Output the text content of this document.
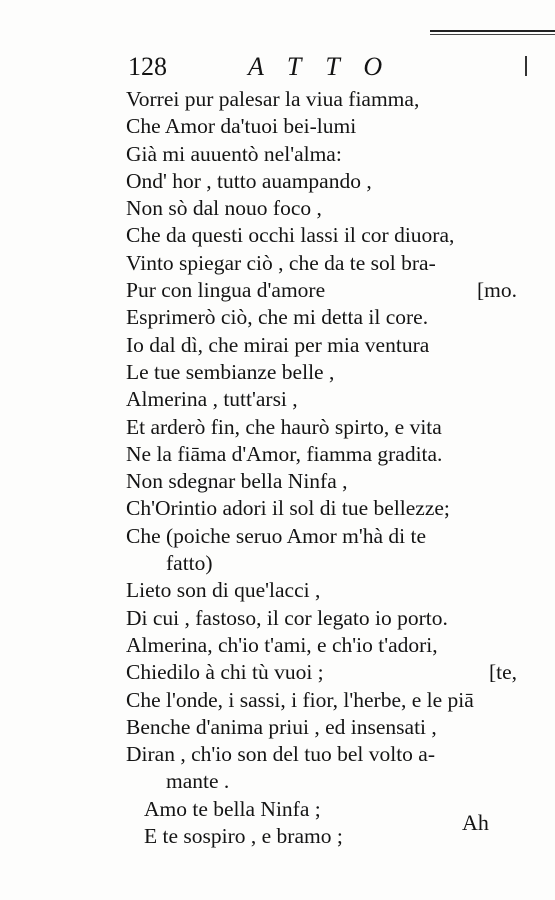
128	ATTO
Vorrei pur palesar la viua fiamma,
Che Amor da'tuoi bei-lumi
Già mi auuentò nel'alma:
Ond' hor , tutto auampando ,
Non sò dal nouo foco ,
Che da questi occhi lassi il cor diuora,
Vinto spiegar ciò , che da te sol bra-
Pur con lingua d'amore	[mo.
Esprimerò ciò, che mi detta il core.
Io dal dì, che mirai per mia ventura
Le tue sembianze belle ,
Almerina , tutt'arsi ,
Et arderò fin, che haurò spirto, e vita
Ne la fiāma d'Amor, fiamma gradita.
Non sdegnar bella Ninfa ,
Ch'Orintio adori il sol di tue bellezze;
Che (poiche seruo Amor m'hà di te
fatto)
Lieto son di que'lacci ,
Di cui , fastoso, il cor legato io porto.
Almerina, ch'io t'ami, e ch'io t'adori,
Chiedilo à chi tù vuoi ;	[te,
Che l'onde, i sassi, i fior, l'herbe, e le piā
Benche d'anima priui , ed insensati ,
Diran , ch'io son del tuo bel volto a-
mante .
Amo te bella Ninfa ;
E te sospiro , e bramo ;
Ah
